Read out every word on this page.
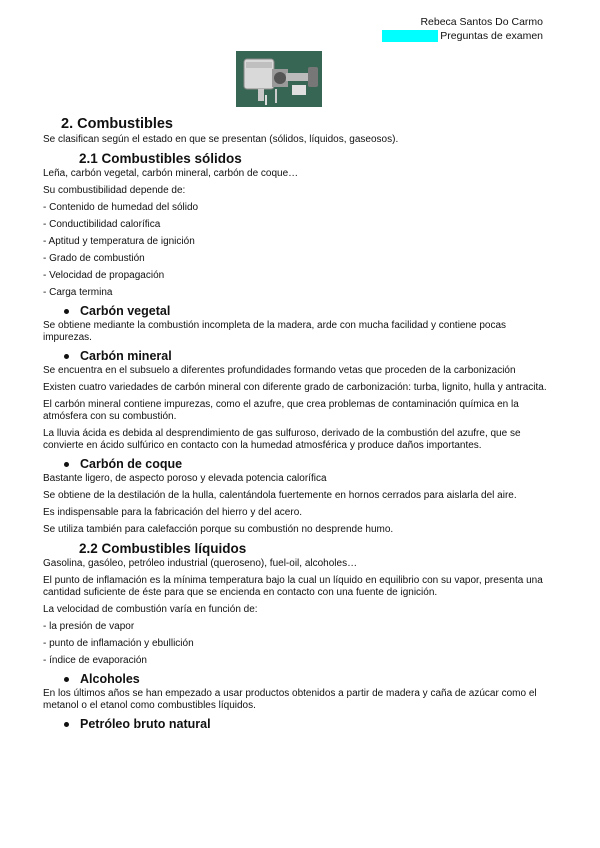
Rebeca Santos Do Carmo
Preguntas de examen
2. Combustibles
Se clasifican según el estado en que se presentan (sólidos, líquidos, gaseosos).
2.1 Combustibles sólidos
Leña, carbón vegetal, carbón mineral, carbón de coque…
Su combustibilidad depende de:
- Contenido de humedad del sólido
- Conductibilidad calorífica
- Aptitud y temperatura de ignición
- Grado de combustión
- Velocidad de propagación
- Carga termina
Carbón vegetal
Se obtiene mediante la combustión incompleta de la madera, arde con mucha facilidad y contiene pocas impurezas.
Carbón mineral
Se encuentra en el subsuelo a diferentes profundidades formando vetas que proceden de la carbonización
Existen cuatro variedades de carbón mineral con diferente grado de carbonización: turba, lignito, hulla y antracita.
El carbón mineral contiene impurezas, como el azufre, que crea problemas de contaminación química en la atmósfera con su combustión.
La lluvia ácida es debida al desprendimiento de gas sulfuroso, derivado de la combustión del azufre, que se convierte en ácido sulfúrico en contacto con la humedad atmosférica y produce daños importantes.
Carbón de coque
Bastante ligero, de aspecto poroso y elevada potencia calorífica
Se obtiene de la destilación de la hulla, calentándola fuertemente en hornos cerrados para aislarla del aire.
Es indispensable para la fabricación del hierro y del acero.
Se utiliza también para calefacción porque su combustión no desprende humo.
2.2 Combustibles líquidos
Gasolina, gasóleo, petróleo industrial (queroseno), fuel-oil, alcoholes…
El punto de inflamación es la mínima temperatura bajo la cual un líquido en equilibrio con su vapor, presenta una cantidad suficiente de éste para que se encienda en contacto con una fuente de ignición.
La velocidad de combustión varía en función de:
- la presión de vapor
- punto de inflamación y ebullición
- índice de evaporación
Alcoholes
En los últimos años se han empezado a usar productos obtenidos a partir de madera y caña de azúcar como el metanol o el etanol como combustibles líquidos.
Petróleo bruto natural
